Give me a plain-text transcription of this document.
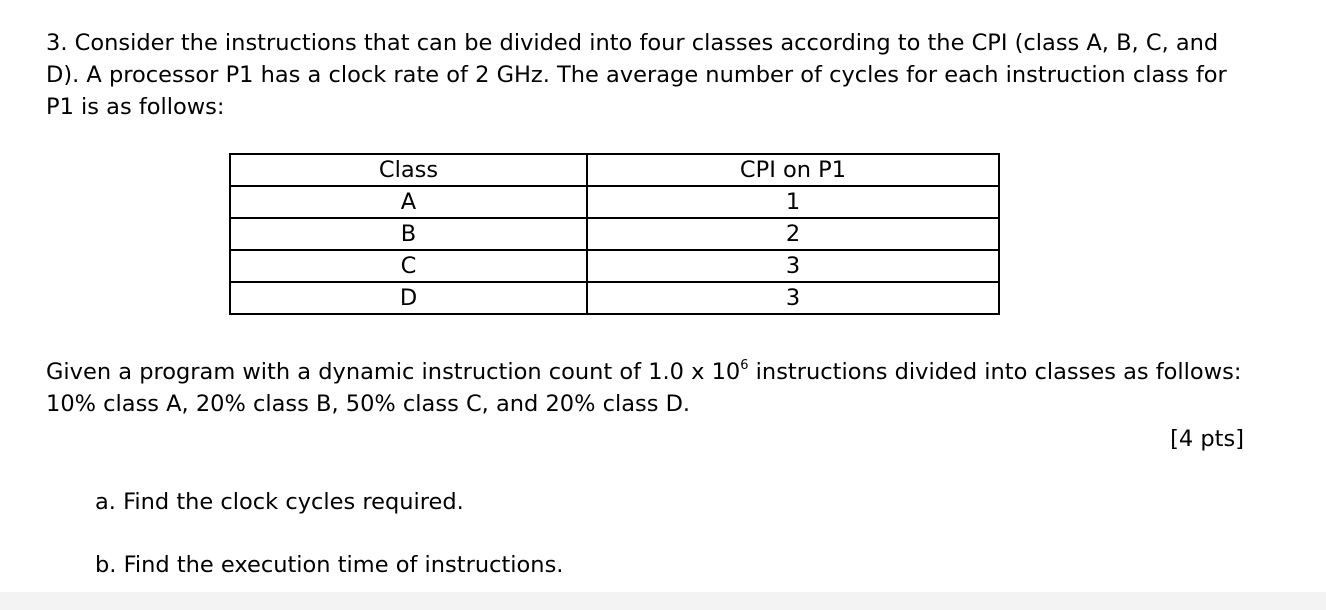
3. Consider the instructions that can be divided into four classes according to the CPI (class A, B, C, and D). A processor P1 has a clock rate of 2 GHz. The average number of cycles for each instruction class for P1 is as follows:

Class	CPI on P1
A	1
B	2
C	3
D	3

Given a program with a dynamic instruction count of 1.0 x $10^6$ instructions divided into classes as follows: 10% class A, 20% class B, 50% class C, and 20% class D.

[4 pts]

a. Find the clock cycles required.

b. Find the execution time of instructions.
